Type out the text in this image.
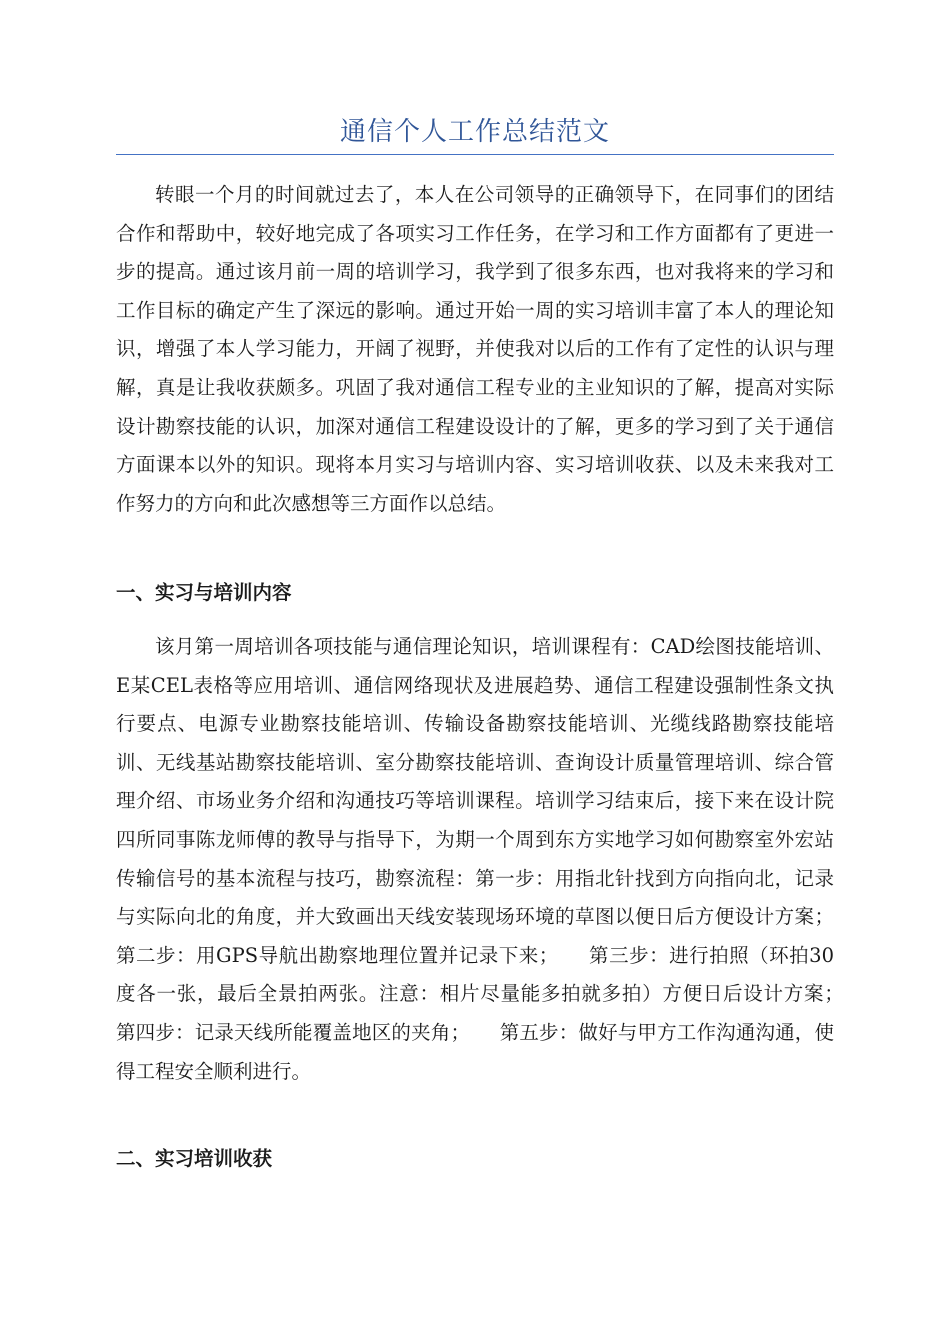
通信个人工作总结范文

转眼一个月的时间就过去了，本人在公司领导的正确领导下，在同事们的团结合作和帮助中，较好地完成了各项实习工作任务，在学习和工作方面都有了更进一步的提高。通过该月前一周的培训学习，我学到了很多东西，也对我将来的学习和工作目标的确定产生了深远的影响。通过开始一周的实习培训丰富了本人的理论知识，增强了本人学习能力，开阔了视野，并使我对以后的工作有了定性的认识与理解，真是让我收获颇多。巩固了我对通信工程专业的主业知识的了解，提高对实际设计勘察技能的认识，加深对通信工程建设设计的了解，更多的学习到了关于通信方面课本以外的知识。现将本月实习与培训内容、实习培训收获、以及未来我对工作努力的方向和此次感想等三方面作以总结。

一、实习与培训内容

该月第一周培训各项技能与通信理论知识，培训课程有：CAD绘图技能培训、E某CEL表格等应用培训、通信网络现状及进展趋势、通信工程建设强制性条文执行要点、电源专业勘察技能培训、传输设备勘察技能培训、光缆线路勘察技能培训、无线基站勘察技能培训、室分勘察技能培训、查询设计质量管理培训、综合管理介绍、市场业务介绍和沟通技巧等培训课程。培训学习结束后，接下来在设计院四所同事陈龙师傅的教导与指导下，为期一个周到东方实地学习如何勘察室外宏站传输信号的基本流程与技巧，勘察流程：第一步：用指北针找到方向指向北，记录与实际向北的角度，并大致画出天线安装现场环境的草图以便日后方便设计方案；第二步：用GPS导航出勘察地理位置并记录下来；　　第三步：进行拍照（环拍30度各一张，最后全景拍两张。注意：相片尽量能多拍就多拍）方便日后设计方案；　　第四步：记录天线所能覆盖地区的夹角；　　第五步：做好与甲方工作沟通沟通，使得工程安全顺利进行。

二、实习培训收获
